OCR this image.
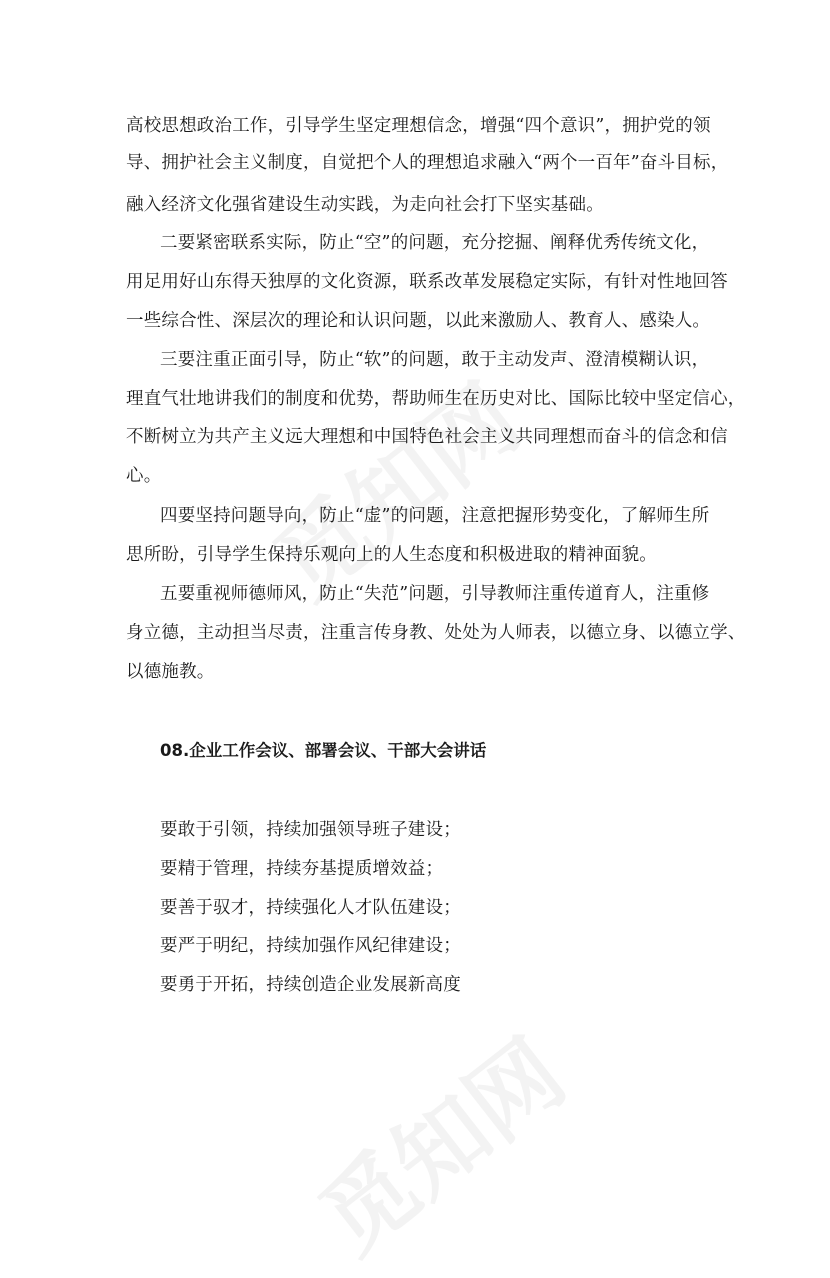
高校思想政治工作，引导学生坚定理想信念，增强“四个意识”，拥护党的领
导、拥护社会主义制度，自觉把个人的理想追求融入“两个一百年”奋斗目标，
融入经济文化强省建设生动实践，为走向社会打下坚实基础。
二要紧密联系实际，防止“空”的问题，充分挖掘、阐释优秀传统文化，
用足用好山东得天独厚的文化资源，联系改革发展稳定实际，有针对性地回答
一些综合性、深层次的理论和认识问题，以此来激励人、教育人、感染人。
三要注重正面引导，防止“软”的问题，敢于主动发声、澄清模糊认识，
理直气壮地讲我们的制度和优势，帮助师生在历史对比、国际比较中坚定信心，
不断树立为共产主义远大理想和中国特色社会主义共同理想而奋斗的信念和信
心。
四要坚持问题导向，防止“虚”的问题，注意把握形势变化，了解师生所
思所盼，引导学生保持乐观向上的人生态度和积极进取的精神面貌。
五要重视师德师风，防止“失范”问题，引导教师注重传道育人，注重修
身立德，主动担当尽责，注重言传身教、处处为人师表，以德立身、以德立学、
以德施教。
08.企业工作会议、部署会议、干部大会讲话
要敢于引领，持续加强领导班子建设；
要精于管理，持续夯基提质增效益；
要善于驭才，持续强化人才队伍建设；
要严于明纪，持续加强作风纪律建设；
要勇于开拓，持续创造企业发展新高度
